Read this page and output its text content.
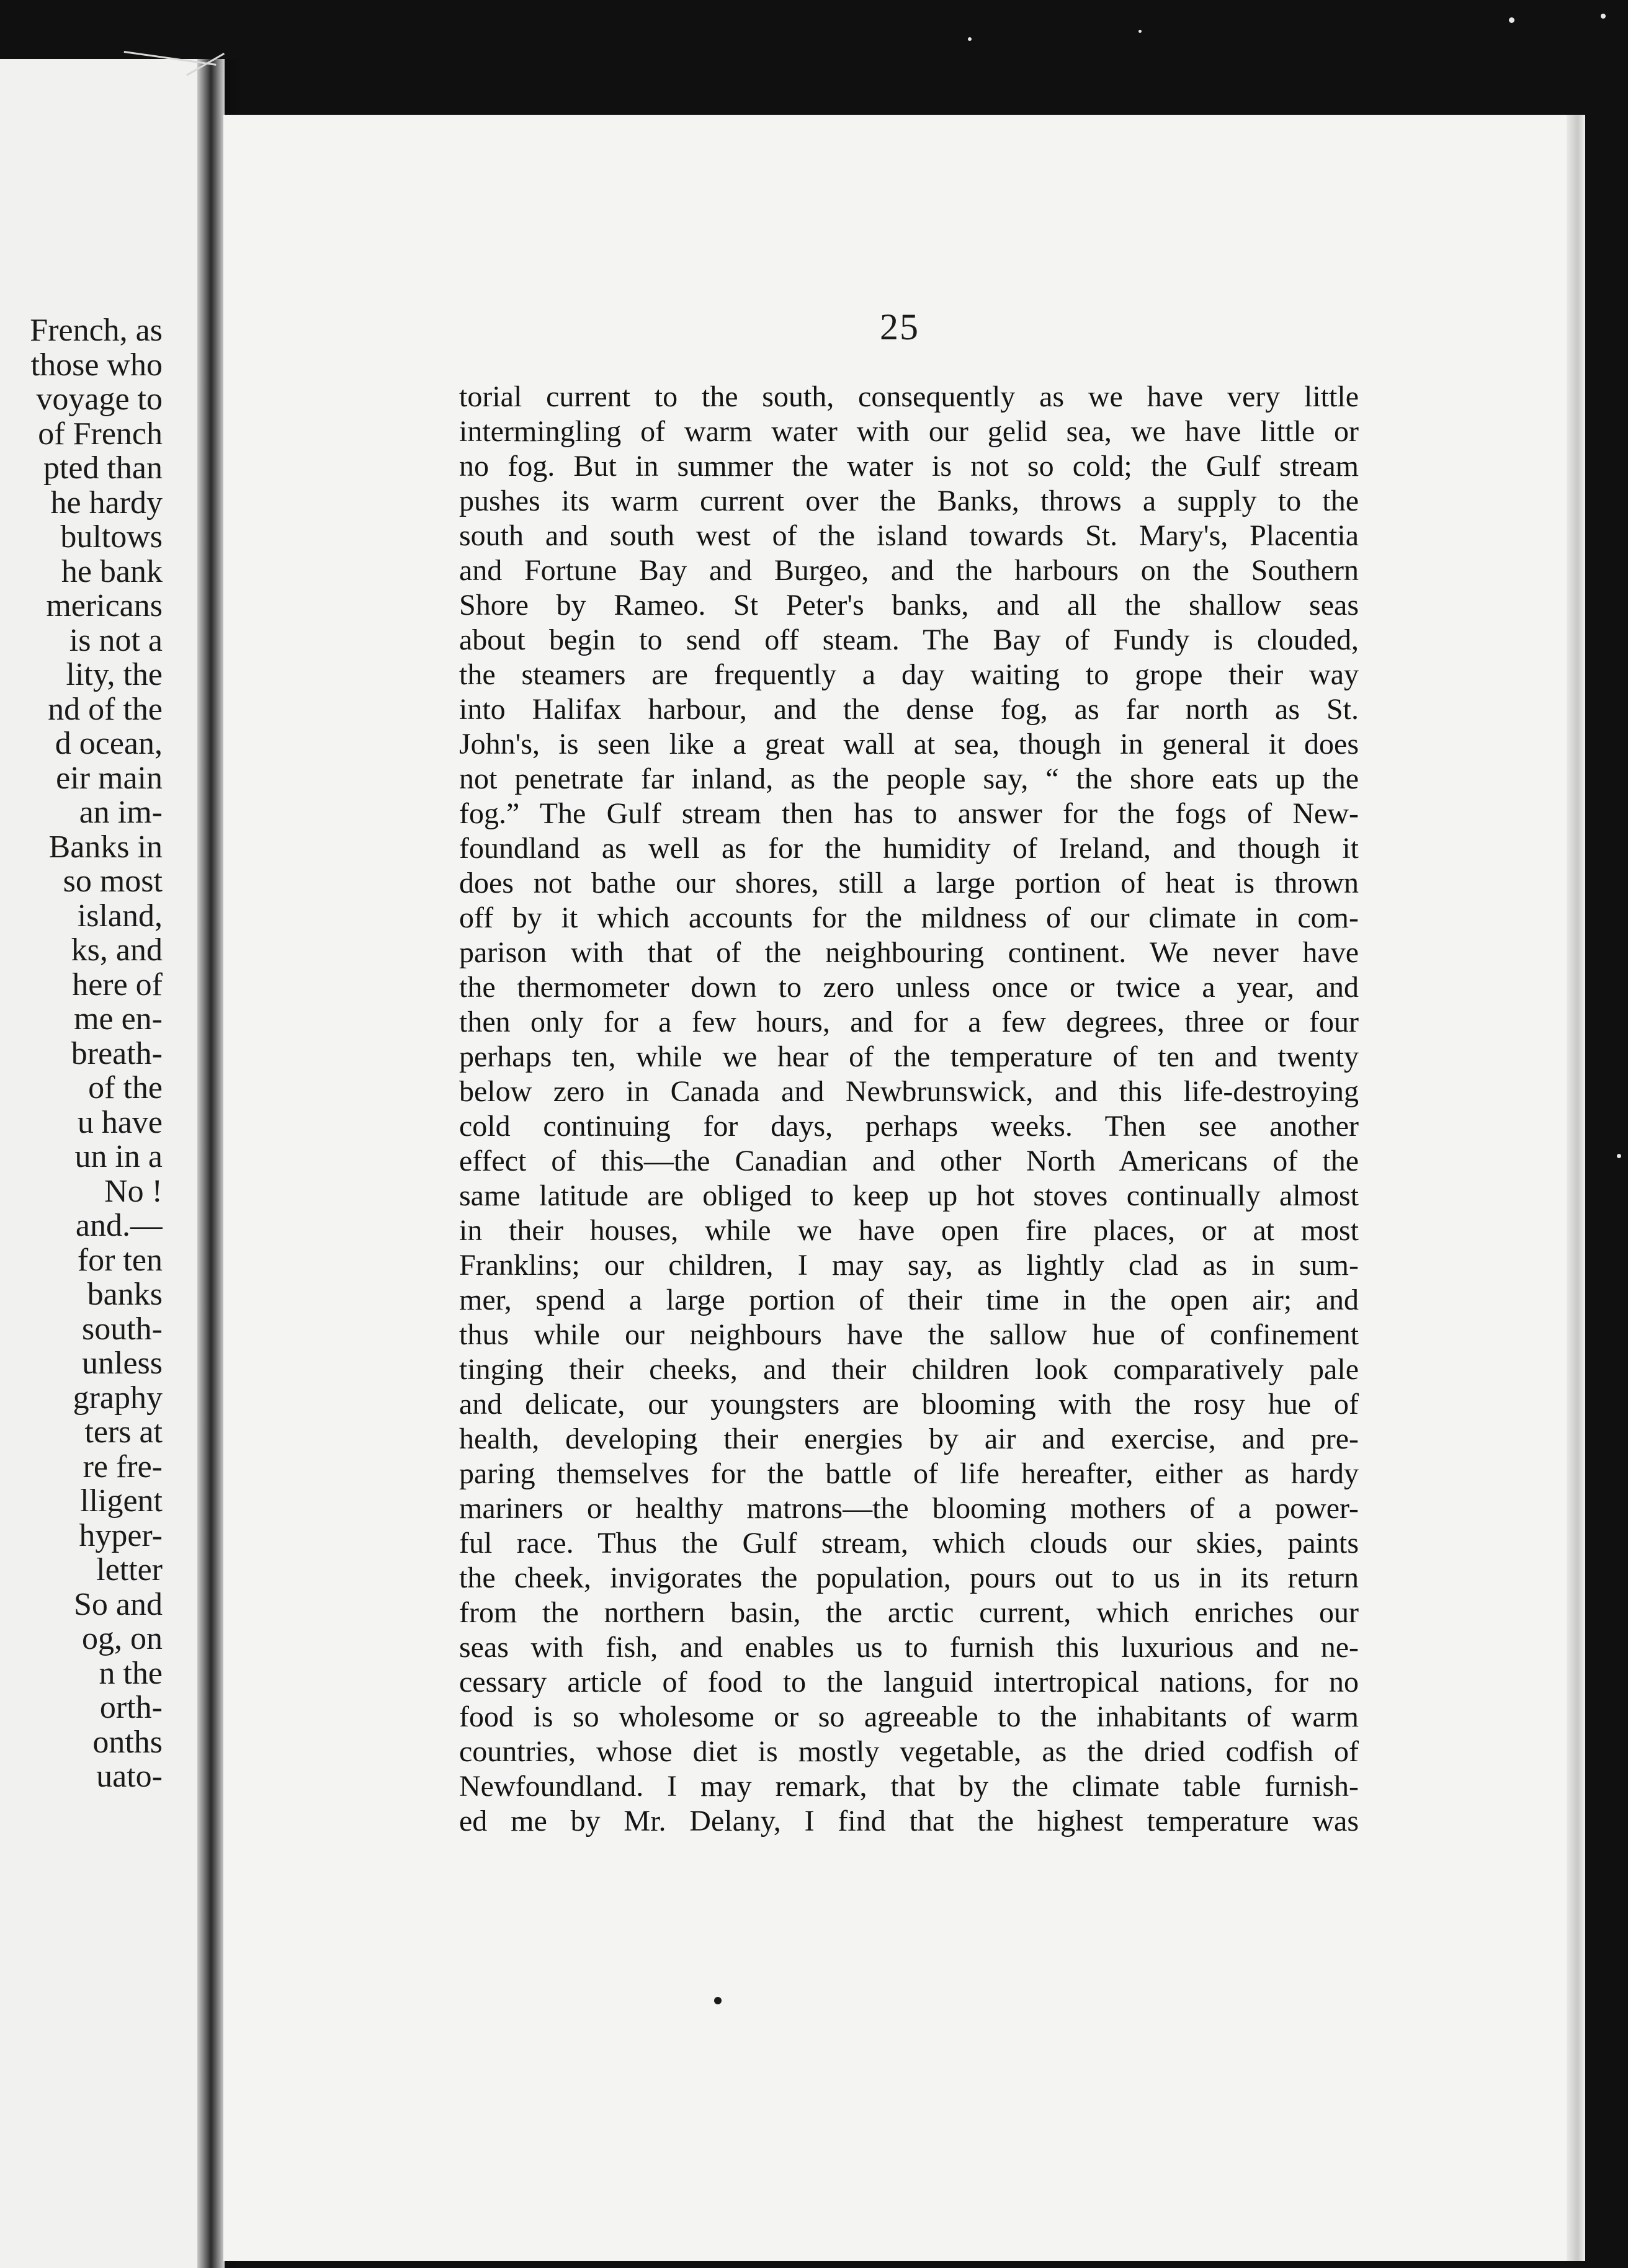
French, as
those who
voyage to
of French
pted than
he hardy
bultows
he bank
mericans
is not a
lity, the
nd of the
d ocean,
eir main
an im-
Banks in
so most
island,
ks, and
here of
me en-
breath-
of the
u have
un in a
No !
and.—
for ten
banks
south-
unless
graphy
ters at
re fre-
lligent
hyper-
letter
So and
og, on
n the
orth-
onths
uato-
25
torial current to the south, consequently as we have very little
intermingling of warm water with our gelid sea, we have little or
no fog. But in summer the water is not so cold; the Gulf stream
pushes its warm current over the Banks, throws a supply to the
south and south west of the island towards St. Mary's, Placentia
and Fortune Bay and Burgeo, and the harbours on the Southern
Shore by Rameo. St Peter's banks, and all the shallow seas
about begin to send off steam. The Bay of Fundy is clouded,
the steamers are frequently a day waiting to grope their way
into Halifax harbour, and the dense fog, as far north as St.
John's, is seen like a great wall at sea, though in general it does
not penetrate far inland, as the people say, “ the shore eats up the
fog.” The Gulf stream then has to answer for the fogs of New-
foundland as well as for the humidity of Ireland, and though it
does not bathe our shores, still a large portion of heat is thrown
off by it which accounts for the mildness of our climate in com-
parison with that of the neighbouring continent. We never have
the thermometer down to zero unless once or twice a year, and
then only for a few hours, and for a few degrees, three or four
perhaps ten, while we hear of the temperature of ten and twenty
below zero in Canada and Newbrunswick, and this life-destroying
cold continuing for days, perhaps weeks. Then see another
effect of this—the Canadian and other North Americans of the
same latitude are obliged to keep up hot stoves continually almost
in their houses, while we have open fire places, or at most
Franklins; our children, I may say, as lightly clad as in sum-
mer, spend a large portion of their time in the open air; and
thus while our neighbours have the sallow hue of confinement
tinging their cheeks, and their children look comparatively pale
and delicate, our youngsters are blooming with the rosy hue of
health, developing their energies by air and exercise, and pre-
paring themselves for the battle of life hereafter, either as hardy
mariners or healthy matrons—the blooming mothers of a power-
ful race. Thus the Gulf stream, which clouds our skies, paints
the cheek, invigorates the population, pours out to us in its return
from the northern basin, the arctic current, which enriches our
seas with fish, and enables us to furnish this luxurious and ne-
cessary article of food to the languid intertropical nations, for no
food is so wholesome or so agreeable to the inhabitants of warm
countries, whose diet is mostly vegetable, as the dried codfish of
Newfoundland. I may remark, that by the climate table furnish-
ed me by Mr. Delany, I find that the highest temperature was
